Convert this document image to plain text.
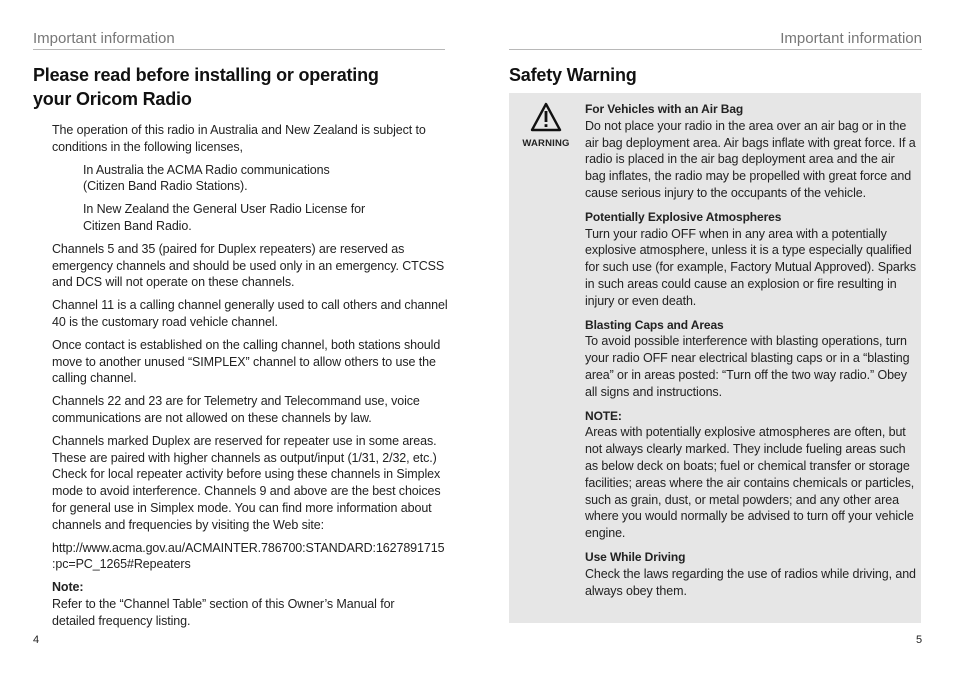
Important information
Please read before installing or operating
your Oricom Radio

The operation of this radio in Australia and New Zealand is subject to conditions in the following licenses,

In Australia the ACMA Radio communications
(Citizen Band Radio Stations).

In New Zealand the General User Radio License for
Citizen Band Radio.

Channels 5 and 35 (paired for Duplex repeaters) are reserved as emergency channels and should be used only in an emergency. CTCSS and DCS will not operate on these channels.

Channel 11 is a calling channel generally used to call others and channel 40 is the customary road vehicle channel.

Once contact is established on the calling channel, both stations should move to another unused “SIMPLEX” channel to allow others to use the calling channel.

Channels 22 and 23 are for Telemetry and Telecommand use, voice communications are not allowed on these channels by law.

Channels marked Duplex are reserved for repeater use in some areas. These are paired with higher channels as output/input (1/31, 2/32, etc.) Check for local repeater activity before using these channels in Simplex mode to avoid interference. Channels 9 and above are the best choices for general use in Simplex mode. You can find more information about channels and frequencies by visiting the Web site:

http://www.acma.gov.au/ACMAINTER.786700:STANDARD:1627891715
:pc=PC_1265#Repeaters

Note:
Refer to the “Channel Table” section of this Owner’s Manual for
detailed frequency listing.

4
Important information
Safety Warning
WARNING
For Vehicles with an Air Bag
Do not place your radio in the area over an air bag or in the air bag deployment area. Air bags inflate with great force. If a radio is placed in the air bag deployment area and the air bag inflates, the radio may be propelled with great force and cause serious injury to the occupants of the vehicle.
Potentially Explosive Atmospheres
Turn your radio OFF when in any area with a potentially explosive atmosphere, unless it is a type especially qualified for such use (for example, Factory Mutual Approved). Sparks in such areas could cause an explosion or fire resulting in injury or even death.
Blasting Caps and Areas
To avoid possible interference with blasting operations, turn your radio OFF near electrical blasting caps or in a “blasting area” or in areas posted: “Turn off the two way radio.” Obey all signs and instructions.
NOTE:
Areas with potentially explosive atmospheres are often, but not always clearly marked. They include fueling areas such as below deck on boats; fuel or chemical transfer or storage facilities; areas where the air contains chemicals or particles, such as grain, dust, or metal powders; and any other area where you would normally be advised to turn off your vehicle engine.
Use While Driving
Check the laws regarding the use of radios while driving, and always obey them.
5
